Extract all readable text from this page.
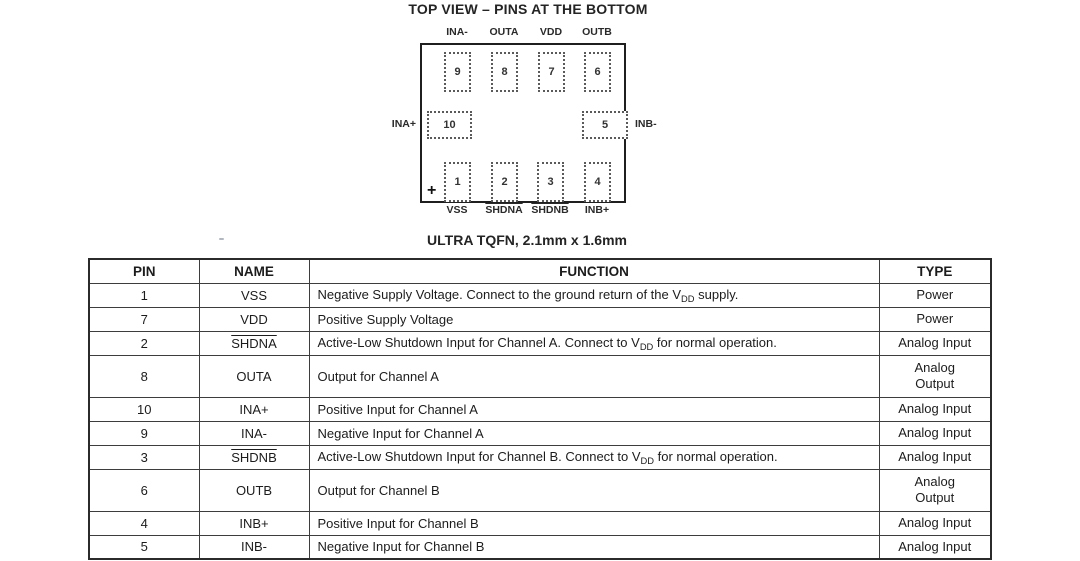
TOP VIEW – PINS AT THE BOTTOM
INA-
9
OUTA
8
VDD
7
OUTB
6
1
VSS
2
SHDNA
3
SHDNB
4
INB+
10
INA+	5	INB-
+
ULTRA TQFN, 2.1mm x 1.6mm
PIN	NAME	FUNCTION	TYPE
1	VSS	Negative Supply Voltage. Connect to the ground return of the $V_{DD}$ supply.	Power
7	VDD	Positive Supply Voltage	Power
2	SHDNA	Active-Low Shutdown Input for Channel A. Connect to $V_{DD}$ for normal operation.	Analog Input
8	OUTA	Output for Channel A	Analog
Output
10	INA+	Positive Input for Channel A	Analog Input
9	INA-	Negative Input for Channel A	Analog Input
3	SHDNB	Active-Low Shutdown Input for Channel B. Connect to $V_{DD}$ for normal operation.	Analog Input
6	OUTB	Output for Channel B	Analog
Output
4	INB+	Positive Input for Channel B	Analog Input
5	INB-	Negative Input for Channel B	Analog Input
